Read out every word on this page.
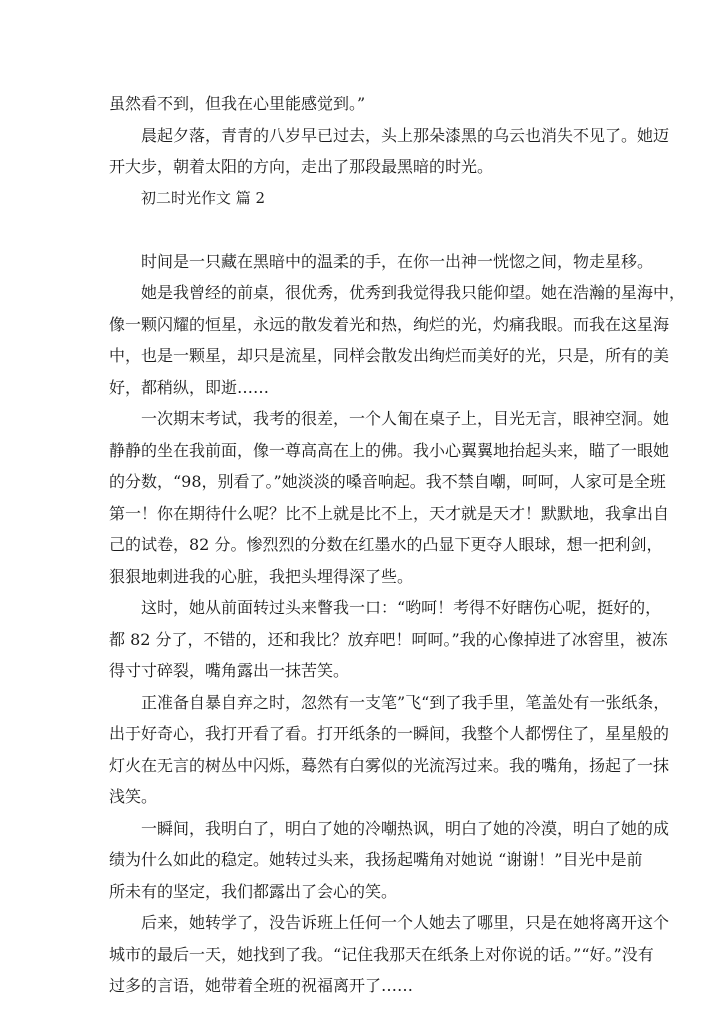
虽然看不到，但我在心里能感觉到。”
晨起夕落，青青的八岁早已过去，头上那朵漆黑的乌云也消失不见了。她迈
开大步，朝着太阳的方向，走出了那段最黑暗的时光。
初二时光作文 篇 2
时间是一只藏在黑暗中的温柔的手，在你一出神一恍惚之间，物走星移。
她是我曾经的前桌，很优秀，优秀到我觉得我只能仰望。她在浩瀚的星海中，
像一颗闪耀的恒星，永远的散发着光和热，绚烂的光，灼痛我眼。而我在这星海
中，也是一颗星，却只是流星，同样会散发出绚烂而美好的光，只是，所有的美
好，都稍纵，即逝……
一次期末考试，我考的很差，一个人匍在桌子上，目光无言，眼神空洞。她
静静的坐在我前面，像一尊高高在上的佛。我小心翼翼地抬起头来，瞄了一眼她
的分数，“98，别看了。”她淡淡的嗓音响起。我不禁自嘲，呵呵，人家可是全班
第一！你在期待什么呢？比不上就是比不上，天才就是天才！默默地，我拿出自
己的试卷，82 分。惨烈烈的分数在红墨水的凸显下更夺人眼球，想一把利剑，
狠狠地刺进我的心脏，我把头埋得深了些。
这时，她从前面转过头来瞥我一口：“哟呵！考得不好瞎伤心呢，挺好的，
都 82 分了，不错的，还和我比？放弃吧！呵呵。”我的心像掉进了冰窖里，被冻
得寸寸碎裂，嘴角露出一抹苦笑。
正准备自暴自弃之时，忽然有一支笔”飞“到了我手里，笔盖处有一张纸条，
出于好奇心，我打开看了看。打开纸条的一瞬间，我整个人都愣住了，星星般的
灯火在无言的树丛中闪烁，蓦然有白雾似的光流泻过来。我的嘴角，扬起了一抹
浅笑。
一瞬间，我明白了，明白了她的冷嘲热讽，明白了她的冷漠，明白了她的成
绩为什么如此的稳定。她转过头来，我扬起嘴角对她说 “谢谢！”目光中是前
所未有的坚定，我们都露出了会心的笑。
后来，她转学了，没告诉班上任何一个人她去了哪里，只是在她将离开这个
城市的最后一天，她找到了我。“记住我那天在纸条上对你说的话。”“好。”没有
过多的言语，她带着全班的祝福离开了……
